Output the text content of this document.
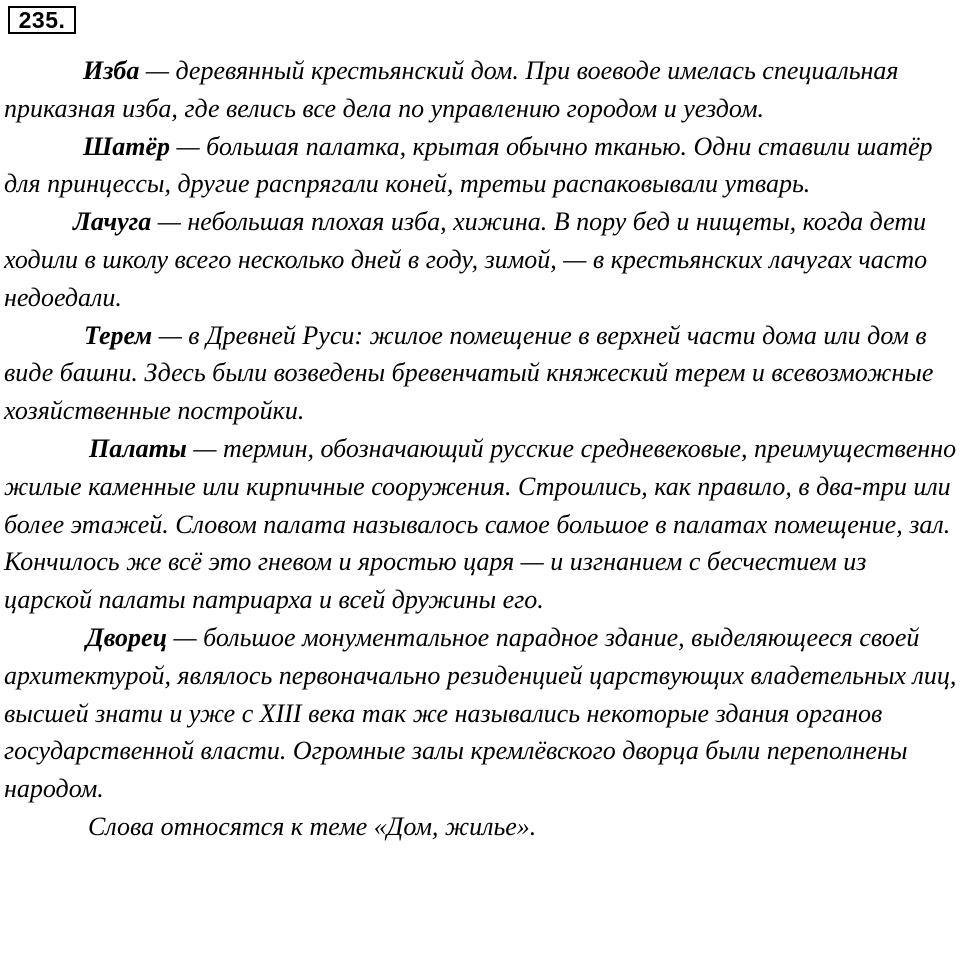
235.

Изба — деревянный крестьянский дом. При воеводе имелась специальная приказная изба, где велись все дела по управлению городом и уездом.

Шатёр — большая палатка, крытая обычно тканью. Одни ставили шатёр для принцессы, другие распрягали коней, третьи распаковывали утварь.

Лачуга — небольшая плохая изба, хижина. В пору бед и нищеты, когда дети ходили в школу всего несколько дней в году, зимой, — в крестьянских лачугах часто недоедали.

Терем — в Древней Руси: жилое помещение в верхней части дома или дом в виде башни. Здесь были возведены бревенчатый княжеский терем и всевозможные хозяйственные постройки.

Палаты — термин, обозначающий русские средневековые, преимущественно жилые каменные или кирпичные сооружения. Строились, как правило, в два-три или более этажей. Словом палата называлось самое большое в палатах помещение, зал. Кончилось же всё это гневом и яростью царя — и изгнанием с бесчестием из царской палаты патриарха и всей дружины его.

Дворец — большое монументальное парадное здание, выделяющееся своей архитектурой, являлось первоначально резиденцией царствующих владетельных лиц, высшей знати и уже с XIII века так же назывались некоторые здания органов государственной власти. Огромные залы кремлёвского дворца были переполнены народом.

Слова относятся к теме «Дом, жилье».
